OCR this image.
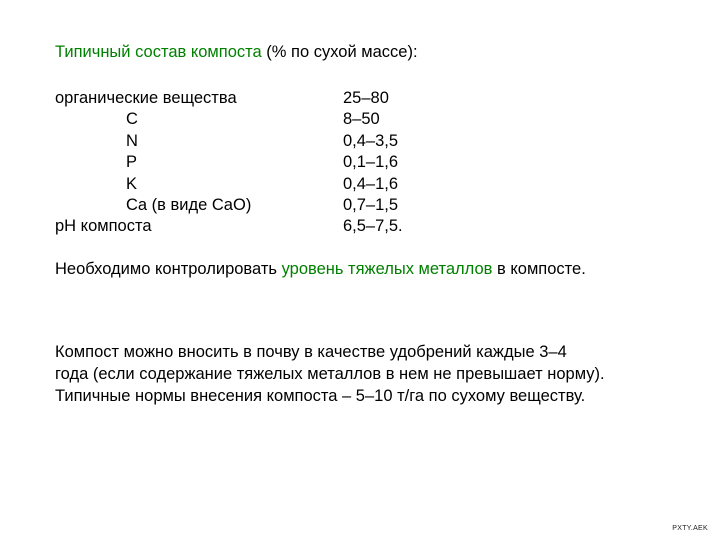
Типичный состав компоста (% по сухой массе):
органические вещества	25–80
C	8–50
N	0,4–3,5
P	0,1–1,6
K	0,4–1,6
Ca (в виде CaO)	0,7–1,5
pH компоста	6,5–7,5.
Необходимо контролировать уровень тяжелых металлов в компосте.

Компост можно вносить в почву в качестве удобрений каждые 3–4
года (если содержание тяжелых металлов в нем не превышает норму).
Типичные нормы внесения компоста – 5–10 т/га по сухому веществу.

PXTY.AEK
